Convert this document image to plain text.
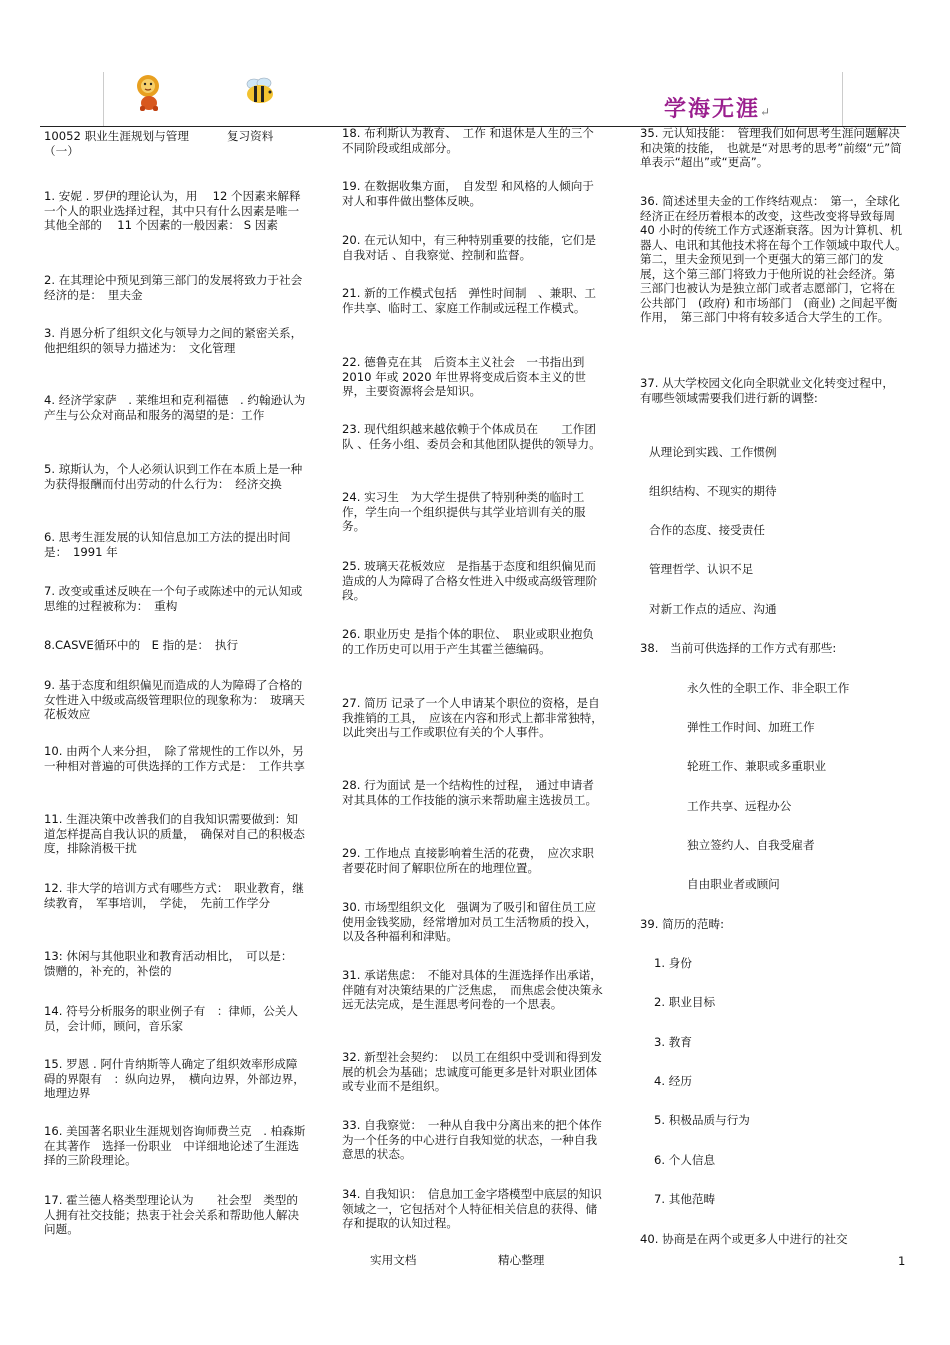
学海无涯↵
10052 职业生涯规划与管理	复习资料
（一）
1. 安妮 . 罗伊的理论认为，用　 12 个因素来解释一个人的职业选择过程，其中只有什么因素是唯一其他全部的　 11 个因素的一般因素： S 因素
2. 在其理论中预见到第三部门的发展将致力于社会经济的是：　里夫金
3. 肖恩分析了组织文化与领导力之间的紧密关系，他把组织的领导力描述为：　文化管理
4. 经济学家萨　. 莱维坦和克利福德　. 约翰逊认为产生与公众对商品和服务的渴望的是：工作
5. 琼斯认为，个人必须认识到工作在本质上是一种为获得报酬而付出劳动的什么行为：　经济交换
6. 思考生涯发展的认知信息加工方法的提出时间是：　1991 年
7. 改变或重述反映在一个句子或陈述中的元认知或思维的过程被称为：　重构
8.CASVE循环中的　E 指的是：　执行
9. 基于态度和组织偏见而造成的人为障碍了合格的女性进入中级或高级管理职位的现象称为：　玻璃天花板效应
10. 由两个人来分担，　除了常规性的工作以外，另一种相对普遍的可供选择的工作方式是：　工作共享
11. 生涯决策中改善我们的自我知识需要做到：知道怎样提高自我认识的质量，　确保对自己的积极态度，排除消极干扰
12. 非大学的培训方式有哪些方式：　职业教育，继续教育，　军事培训，　学徒，　先前工作学分
13: 休闲与其他职业和教育活动相比，　可以是：　馈赠的，补充的，补偿的
14. 符号分析服务的职业例子有　：律师，公关人员，会计师，顾问，音乐家
15. 罗恩 . 阿什肯纳斯等人确定了组织效率形成障碍的界限有　：纵向边界，　横向边界，外部边界，地理边界
16. 美国著名职业生涯规划咨询师费兰克　. 柏森斯在其著作　选择一份职业　中详细地论述了生涯选择的三阶段理论。
17. 霍兰德人格类型理论认为　　社会型　类型的人拥有社交技能；热衷于社会关系和帮助他人解决问题。
18. 布利斯认为教育、　工作 和退休是人生的三个不同阶段或组成部分。
19. 在数据收集方面，　自发型 和风格的人倾向于对人和事件做出整体反映。
20. 在元认知中，有三种特别重要的技能，它们是 自我对话 、自我察觉、控制和监督。
21. 新的工作模式包括　弹性时间制　、兼职、工作共享、临时工、家庭工作制或远程工作模式。
22. 德鲁克在其　后资本主义社会　一书指出到 2010 年或 2020 年世界将变成后资本主义的世界，主要资源将会是知识。
23. 现代组织越来越依赖于个体成员在　　工作团队 、任务小组、委员会和其他团队提供的领导力。
24. 实习生　为大学生提供了特别种类的临时工作，学生向一个组织提供与其学业培训有关的服务。
25. 玻璃天花板效应　是指基于态度和组织偏见而造成的人为障碍了合格女性进入中级或高级管理阶段。
26. 职业历史 是指个体的职位、　职业或职业抱负的工作历史可以用于产生其霍兰德编码。
27. 简历 记录了一个人申请某个职位的资格，是自我推销的工具，　应该在内容和形式上都非常独特，以此突出与工作或职位有关的个人事件。
28. 行为面试 是一个结构性的过程，　通过申请者对其具体的工作技能的演示来帮助雇主选拔员工。
29. 工作地点 直接影响着生活的花费，　应次求职者要花时间了解职位所在的地理位置。
30. 市场型组织文化　强调为了吸引和留住员工应使用金钱奖励，经常增加对员工生活物质的投入，以及各种福利和津贴。
31. 承诺焦虑：　不能对具体的生涯选择作出承诺，伴随有对决策结果的广泛焦虑，　而焦虑会使决策永远无法完成，是生涯思考问卷的一个思表。
32. 新型社会契约：　以员工在组织中受训和得到发展的机会为基础；忠诚度可能更多是针对职业团体或专业而不是组织。
33. 自我察觉：　一种从自我中分离出来的把个体作为一个任务的中心进行自我知觉的状态，一种自我意思的状态。
34. 自我知识：　信息加工金字塔模型中底层的知识领域之一，它包括对个人特征相关信息的获得、储存和提取的认知过程。
35. 元认知技能：　管理我们如何思考生涯问题解决和决策的技能，　也就是“对思考的思考”前缀“元”简单表示“超出”或“更高”。
36. 简述述里夫金的工作终结观点：　第一，全球化经济正在经历着根本的改变，这些改变将导致每周　40 小时的传统工作方式逐渐衰落。因为计算机、机器人、电讯和其他技术将在每个工作领域中取代人。　第二，里夫金预见到一个更强大的第三部门的发展，这个第三部门将致力于他所说的社会经济。第三部门也被认为是独立部门或者志愿部门，它将在公共部门　(政府) 和市场部门　(商业) 之间起平衡作用，　第三部门中将有较多适合大学生的工作。
37. 从大学校园文化向全职就业文化转变过程中，有哪些领域需要我们进行新的调整:
从理论到实践、工作惯例
组织结构、不现实的期待
合作的态度、接受责任
管理哲学、认识不足
对新工作点的适应、沟通
38.　当前可供选择的工作方式有那些:
永久性的全职工作、非全职工作
弹性工作时间、加班工作
轮班工作、兼职或多重职业
工作共享、远程办公
独立签约人、自我受雇者
自由职业者或顾问
39. 简历的范畴:
1. 身份
2. 职业目标
3. 教育
4. 经历
5. 积极品质与行为
6. 个人信息
7. 其他范畴
40. 协商是在两个或更多人中进行的社交
实用文档	精心整理	1
